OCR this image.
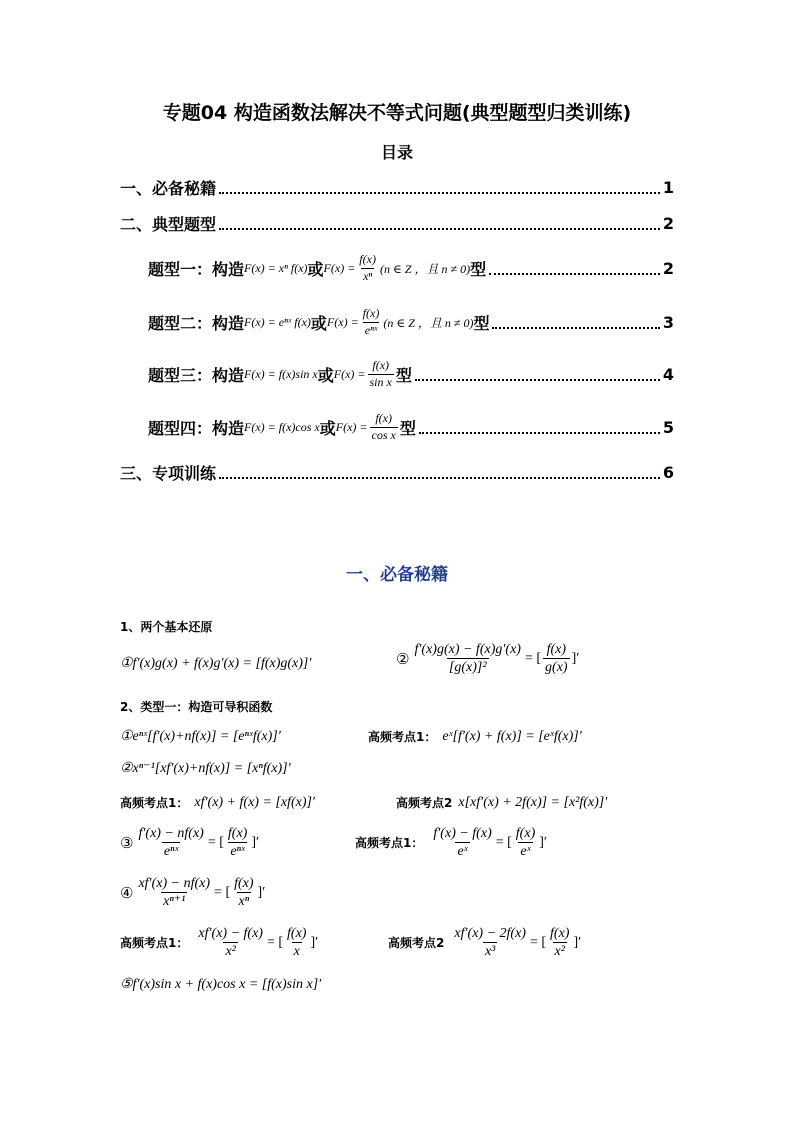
专题04 构造函数法解决不等式问题(典型题型归类训练)
目录
一、必备秘籍	1
二、典型题型	2
题型一：构造 F(x) = xⁿ f(x) 或 $F(x) = \frac{f(x)}{\text{xⁿ}} (n$ ∈ Z ，且 n ≠ 0) 型	2
题型二：构造 F(x) = eⁿˣ f(x) 或 $F(x) = \frac{f(x)}{\text{eⁿˣ}} (n$ ∈ Z ，且 n ≠ 0) 型	3
题型三：构造 F(x) = f(x)sin x 或 $F(x) = \frac{f(x)}{\text{sin x}}$ 型	4
题型四：构造 F(x) = f(x)cos x 或 $F(x) = \frac{f(x)}{\text{cos x}}$ 型	5
三、专项训练	6
一、必备秘籍
1、两个基本还原
①f′(x)g(x) + f(x)g′(x) = [f(x)g(x)]′	② $\frac{f'(x)g(x) - f(x)g'(x)}{\text{[g(x)]²}}$ = [ $\frac{f(x)}{g(x)}$ ]′
2、类型一：构造可导积函数
①eⁿˣ[f′(x)+nf(x)] = [eⁿˣf(x)]′	高频考点1： eˣ[f′(x) + f(x)] = [eˣf(x)]′
②xⁿ⁻¹[xf′(x)+nf(x)] = [xⁿf(x)]′
高频考点1： xf′(x) + f(x) = [xf(x)]′	高频考点2 x[xf′(x) + 2f(x)] = [x²f(x)]′
③ $\frac{f'(x) - nf(x)}{\text{eⁿˣ}}$ = [ $\frac{f(x)}{\text{eⁿˣ}}$ ]′	高频考点1： $\frac{f'(x) - f(x)}{\text{eˣ}}$ = [ $\frac{f(x)}{\text{eˣ}}$ ]′
④ $\frac{xf'(x) - nf(x)}{\text{xⁿ⁺¹}}$ = [ $\frac{f(x)}{\text{xⁿ}}$ ]′
高频考点1： $\frac{xf'(x) - f(x)}{\text{x²}}$ = [ $\frac{f(x)}{x}$ ]′	高频考点$2 \frac{xf'(x) - 2f(x)}{\text{x³}}$ = [ $\frac{f(x)}{\text{x²}}$ ]′
⑤f′(x)sin x + f(x)cos x = [f(x)sin x]′
